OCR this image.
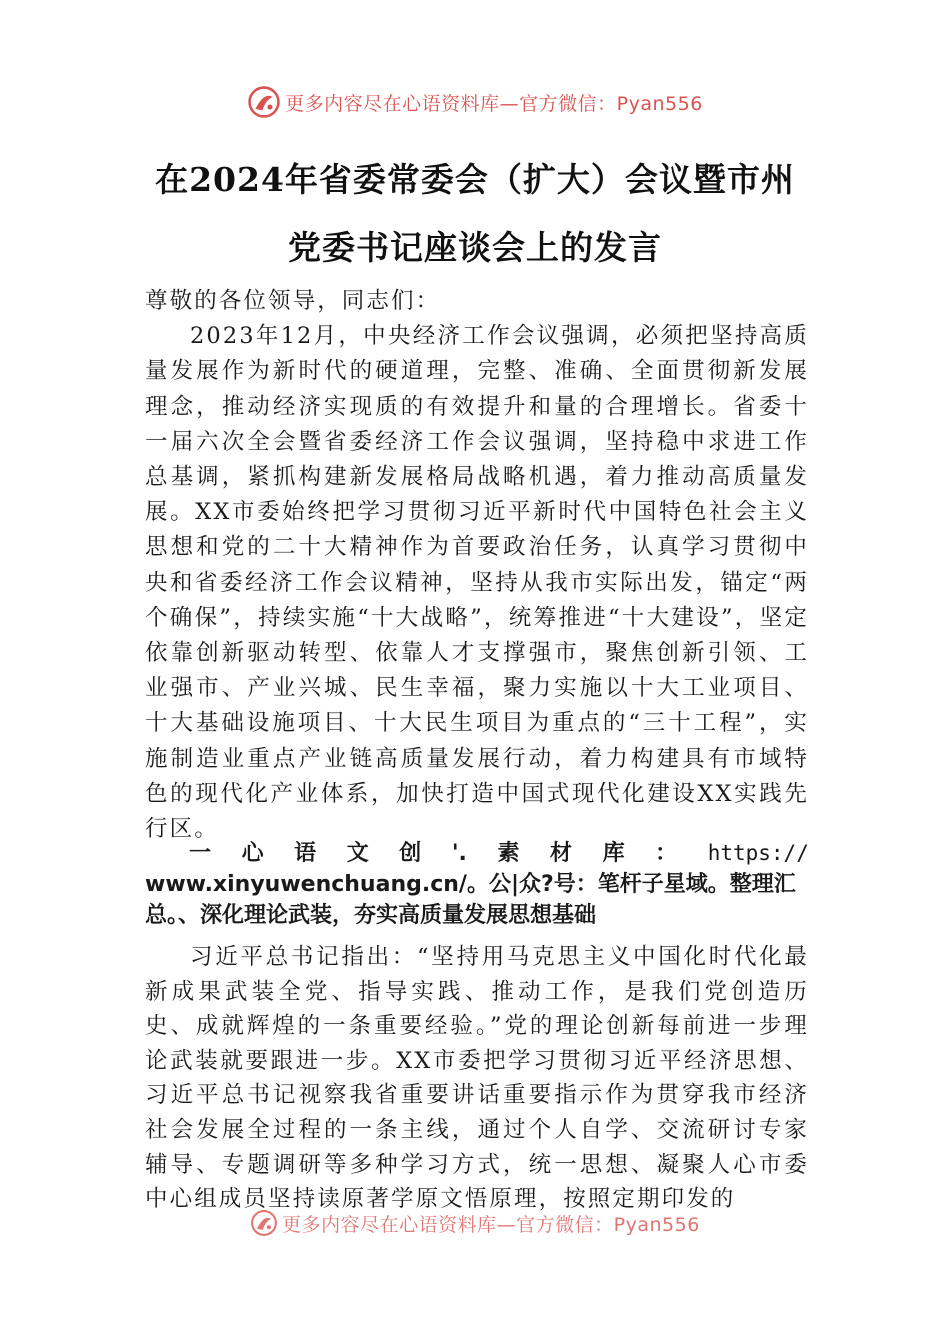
更多内容尽在心语资料库—官方微信：Pyan556
在2024年省委常委会（扩大）会议暨市州
党委书记座谈会上的发言

尊敬的各位领导，同志们：

2023年12月，中央经济工作会议强调，必须把坚持高质量发展作为新时代的硬道理，完整、准确、全面贯彻新发展理念，推动经济实现质的有效提升和量的合理增长。省委十一届六次全会暨省委经济工作会议强调，坚持稳中求进工作总基调，紧抓构建新发展格局战略机遇，着力推动高质量发展。XX市委始终把学习贯彻习近平新时代中国特色社会主义思想和党的二十大精神作为首要政治任务，认真学习贯彻中央和省委经济工作会议精神，坚持从我市实际出发，锚定“两个确保”，持续实施“十大战略”，统筹推进“十大建设”，坚定依靠创新驱动转型、依靠人才支撑强市，聚焦创新引领、工业强市、产业兴城、民生幸福，聚力实施以十大工业项目、十大基础设施项目、十大民生项目为重点的“三十工程”，实施制造业重点产业链高质量发展行动，着力构建具有市域特色的现代化产业体系，加快打造中国式现代化建设XX实践先行区。

一 心 语 文 创 '. 素 材 库 ： https://

www.xinyuwenchuang.cn/。公|众?号：笔杆子星域。整理汇

总。、深化理论武装，夯实高质量发展思想基础

习近平总书记指出：“坚持用马克思主义中国化时代化最新成果武装全党、指导实践、推动工作，是我们党创造历史、成就辉煌的一条重要经验。”党的理论创新每前进一步理论武装就要跟进一步。XX市委把学习贯彻习近平经济思想、习近平总书记视察我省重要讲话重要指示作为贯穿我市经济社会发展全过程的一条主线，通过个人自学、交流研讨专家辅导、专题调研等多种学习方式，统一思想、凝聚人心市委中心组成员坚持读原著学原文悟原理，按照定期印发的

更多内容尽在心语资料库—官方微信：Pyan556
